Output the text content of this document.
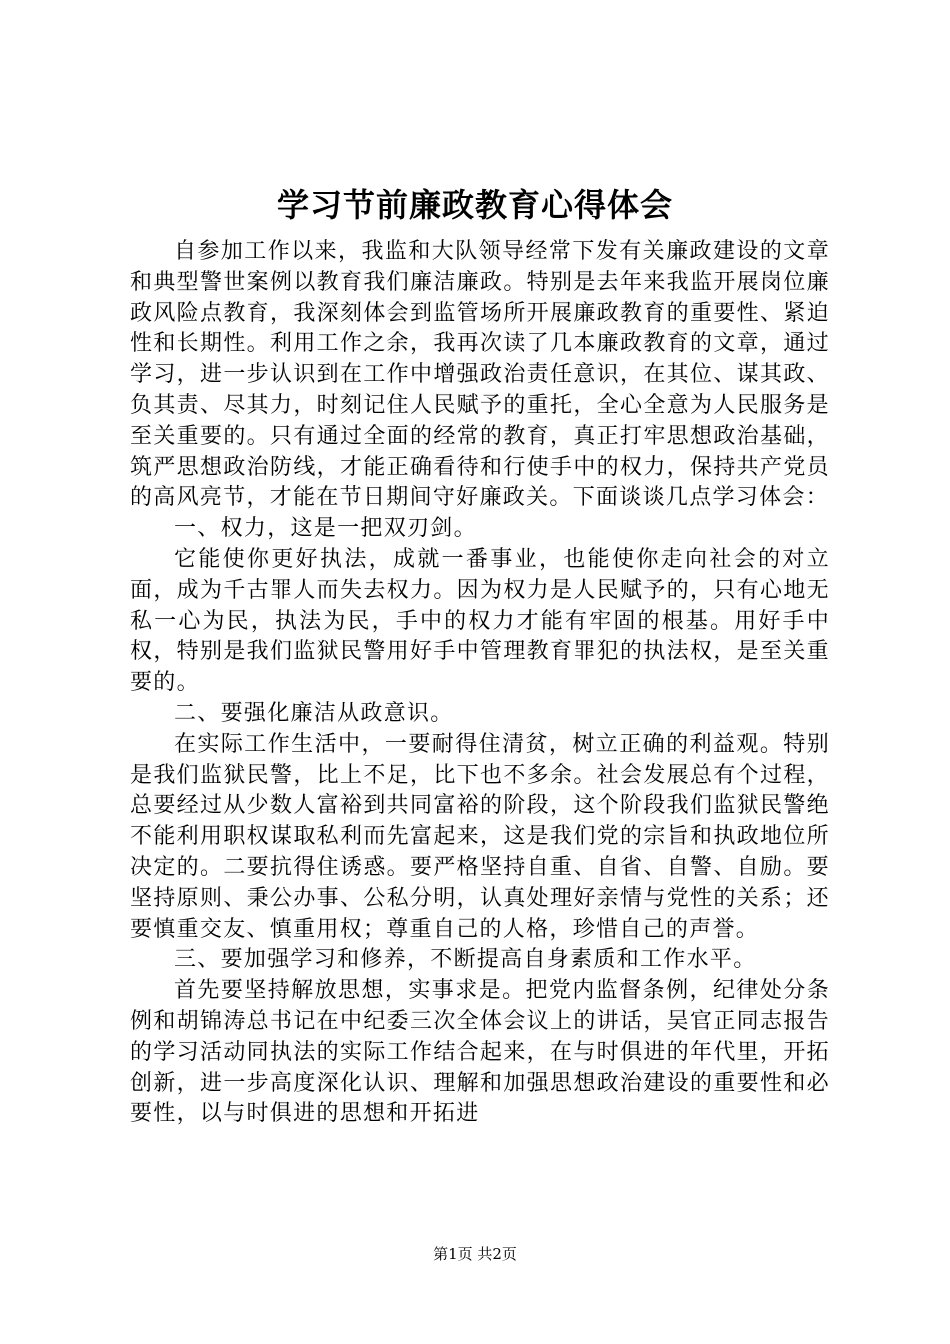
学习节前廉政教育心得体会

自参加工作以来，我监和大队领导经常下发有关廉政建设的文章和典型警世案例以教育我们廉洁廉政。特别是去年来我监开展岗位廉政风险点教育，我深刻体会到监管场所开展廉政教育的重要性、紧迫性和长期性。利用工作之余，我再次读了几本廉政教育的文章，通过学习，进一步认识到在工作中增强政治责任意识，在其位、谋其政、负其责、尽其力，时刻记住人民赋予的重托，全心全意为人民服务是至关重要的。只有通过全面的经常的教育，真正打牢思想政治基础，筑严思想政治防线，才能正确看待和行使手中的权力，保持共产党员的高风亮节，才能在节日期间守好廉政关。下面谈谈几点学习体会：

一、权力，这是一把双刃剑。

它能使你更好执法，成就一番事业，也能使你走向社会的对立面，成为千古罪人而失去权力。因为权力是人民赋予的，只有心地无私一心为民，执法为民，手中的权力才能有牢固的根基。用好手中权，特别是我们监狱民警用好手中管理教育罪犯的执法权，是至关重要的。

二、要强化廉洁从政意识。

在实际工作生活中，一要耐得住清贫，树立正确的利益观。特别是我们监狱民警，比上不足，比下也不多余。社会发展总有个过程，总要经过从少数人富裕到共同富裕的阶段，这个阶段我们监狱民警绝不能利用职权谋取私利而先富起来，这是我们党的宗旨和执政地位所决定的。二要抗得住诱惑。要严格坚持自重、自省、自警、自励。要坚持原则、秉公办事、公私分明，认真处理好亲情与党性的关系；还要慎重交友、慎重用权；尊重自己的人格，珍惜自己的声誉。

三、要加强学习和修养，不断提高自身素质和工作水平。

首先要坚持解放思想，实事求是。把党内监督条例，纪律处分条例和胡锦涛总书记在中纪委三次全体会议上的讲话，吴官正同志报告的学习活动同执法的实际工作结合起来，在与时俱进的年代里，开拓创新，进一步高度深化认识、理解和加强思想政治建设的重要性和必要性，以与时俱进的思想和开拓进

第1页 共2页
